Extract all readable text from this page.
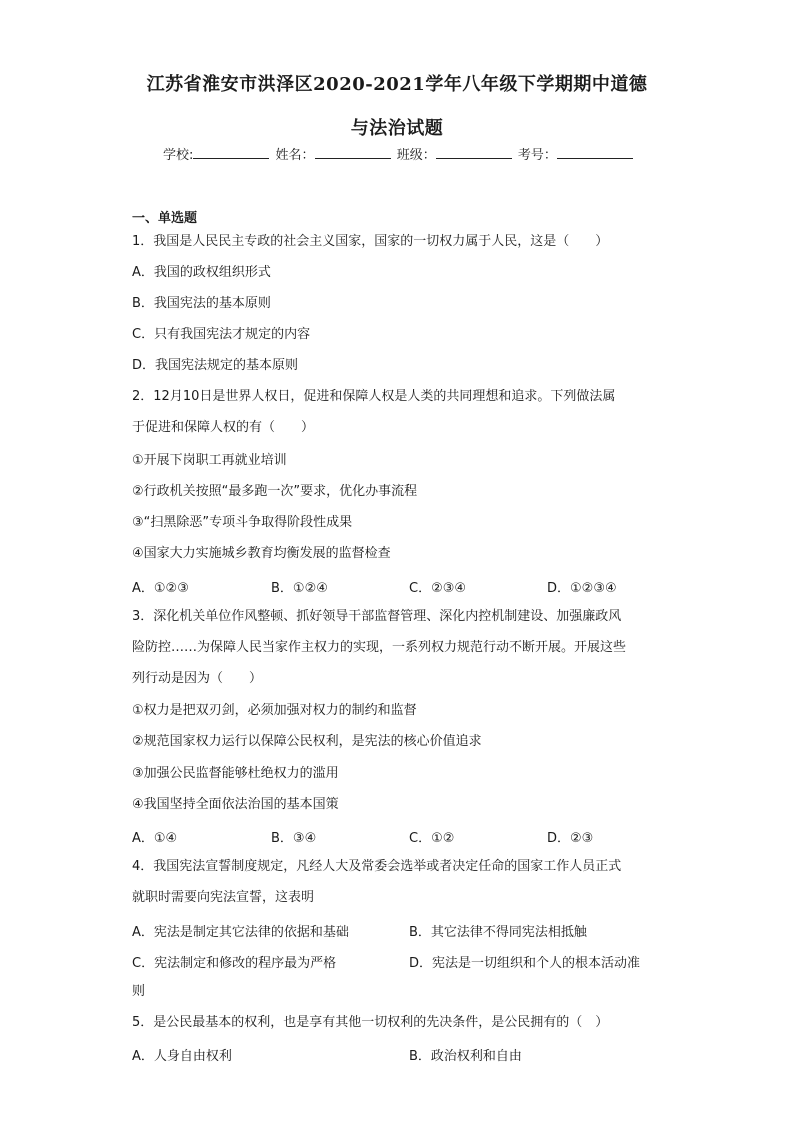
江苏省淮安市洪泽区2020-2021学年八年级下学期期中道德
与法治试题
学校:	姓名：	班级：	考号：
一、单选题
1．我国是人民民主专政的社会主义国家，国家的一切权力属于人民，这是（　　）
A．我国的政权组织形式
B．我国宪法的基本原则
C．只有我国宪法才规定的内容
D．我国宪法规定的基本原则
2．12月10日是世界人权日，促进和保障人权是人类的共同理想和追求。下列做法属
于促进和保障人权的有（　　）
①开展下岗职工再就业培训
②行政机关按照“最多跑一次”要求，优化办事流程
③“扫黑除恶”专项斗争取得阶段性成果
④国家大力实施城乡教育均衡发展的监督检查
A．①②③	B．①②④	C．②③④	D．①②③④
3．深化机关单位作风整顿、抓好领导干部监督管理、深化内控机制建设、加强廉政风
险防控……为保障人民当家作主权力的实现，一系列权力规范行动不断开展。开展这些
列行动是因为（　　）
①权力是把双刃剑，必须加强对权力的制约和监督
②规范国家权力运行以保障公民权利，是宪法的核心价值追求
③加强公民监督能够杜绝权力的滥用
④我国坚持全面依法治国的基本国策
A．①④	B．③④	C．①②	D．②③
4．我国宪法宣誓制度规定，凡经人大及常委会选举或者决定任命的国家工作人员正式
就职时需要向宪法宣誓，这表明
A．宪法是制定其它法律的依据和基础	B．其它法律不得同宪法相抵触
C．宪法制定和修改的程序最为严格	D．宪法是一切组织和个人的根本活动准
则
5．是公民最基本的权利，也是享有其他一切权利的先决条件，是公民拥有的（　）
A．人身自由权利	B．政治权利和自由
